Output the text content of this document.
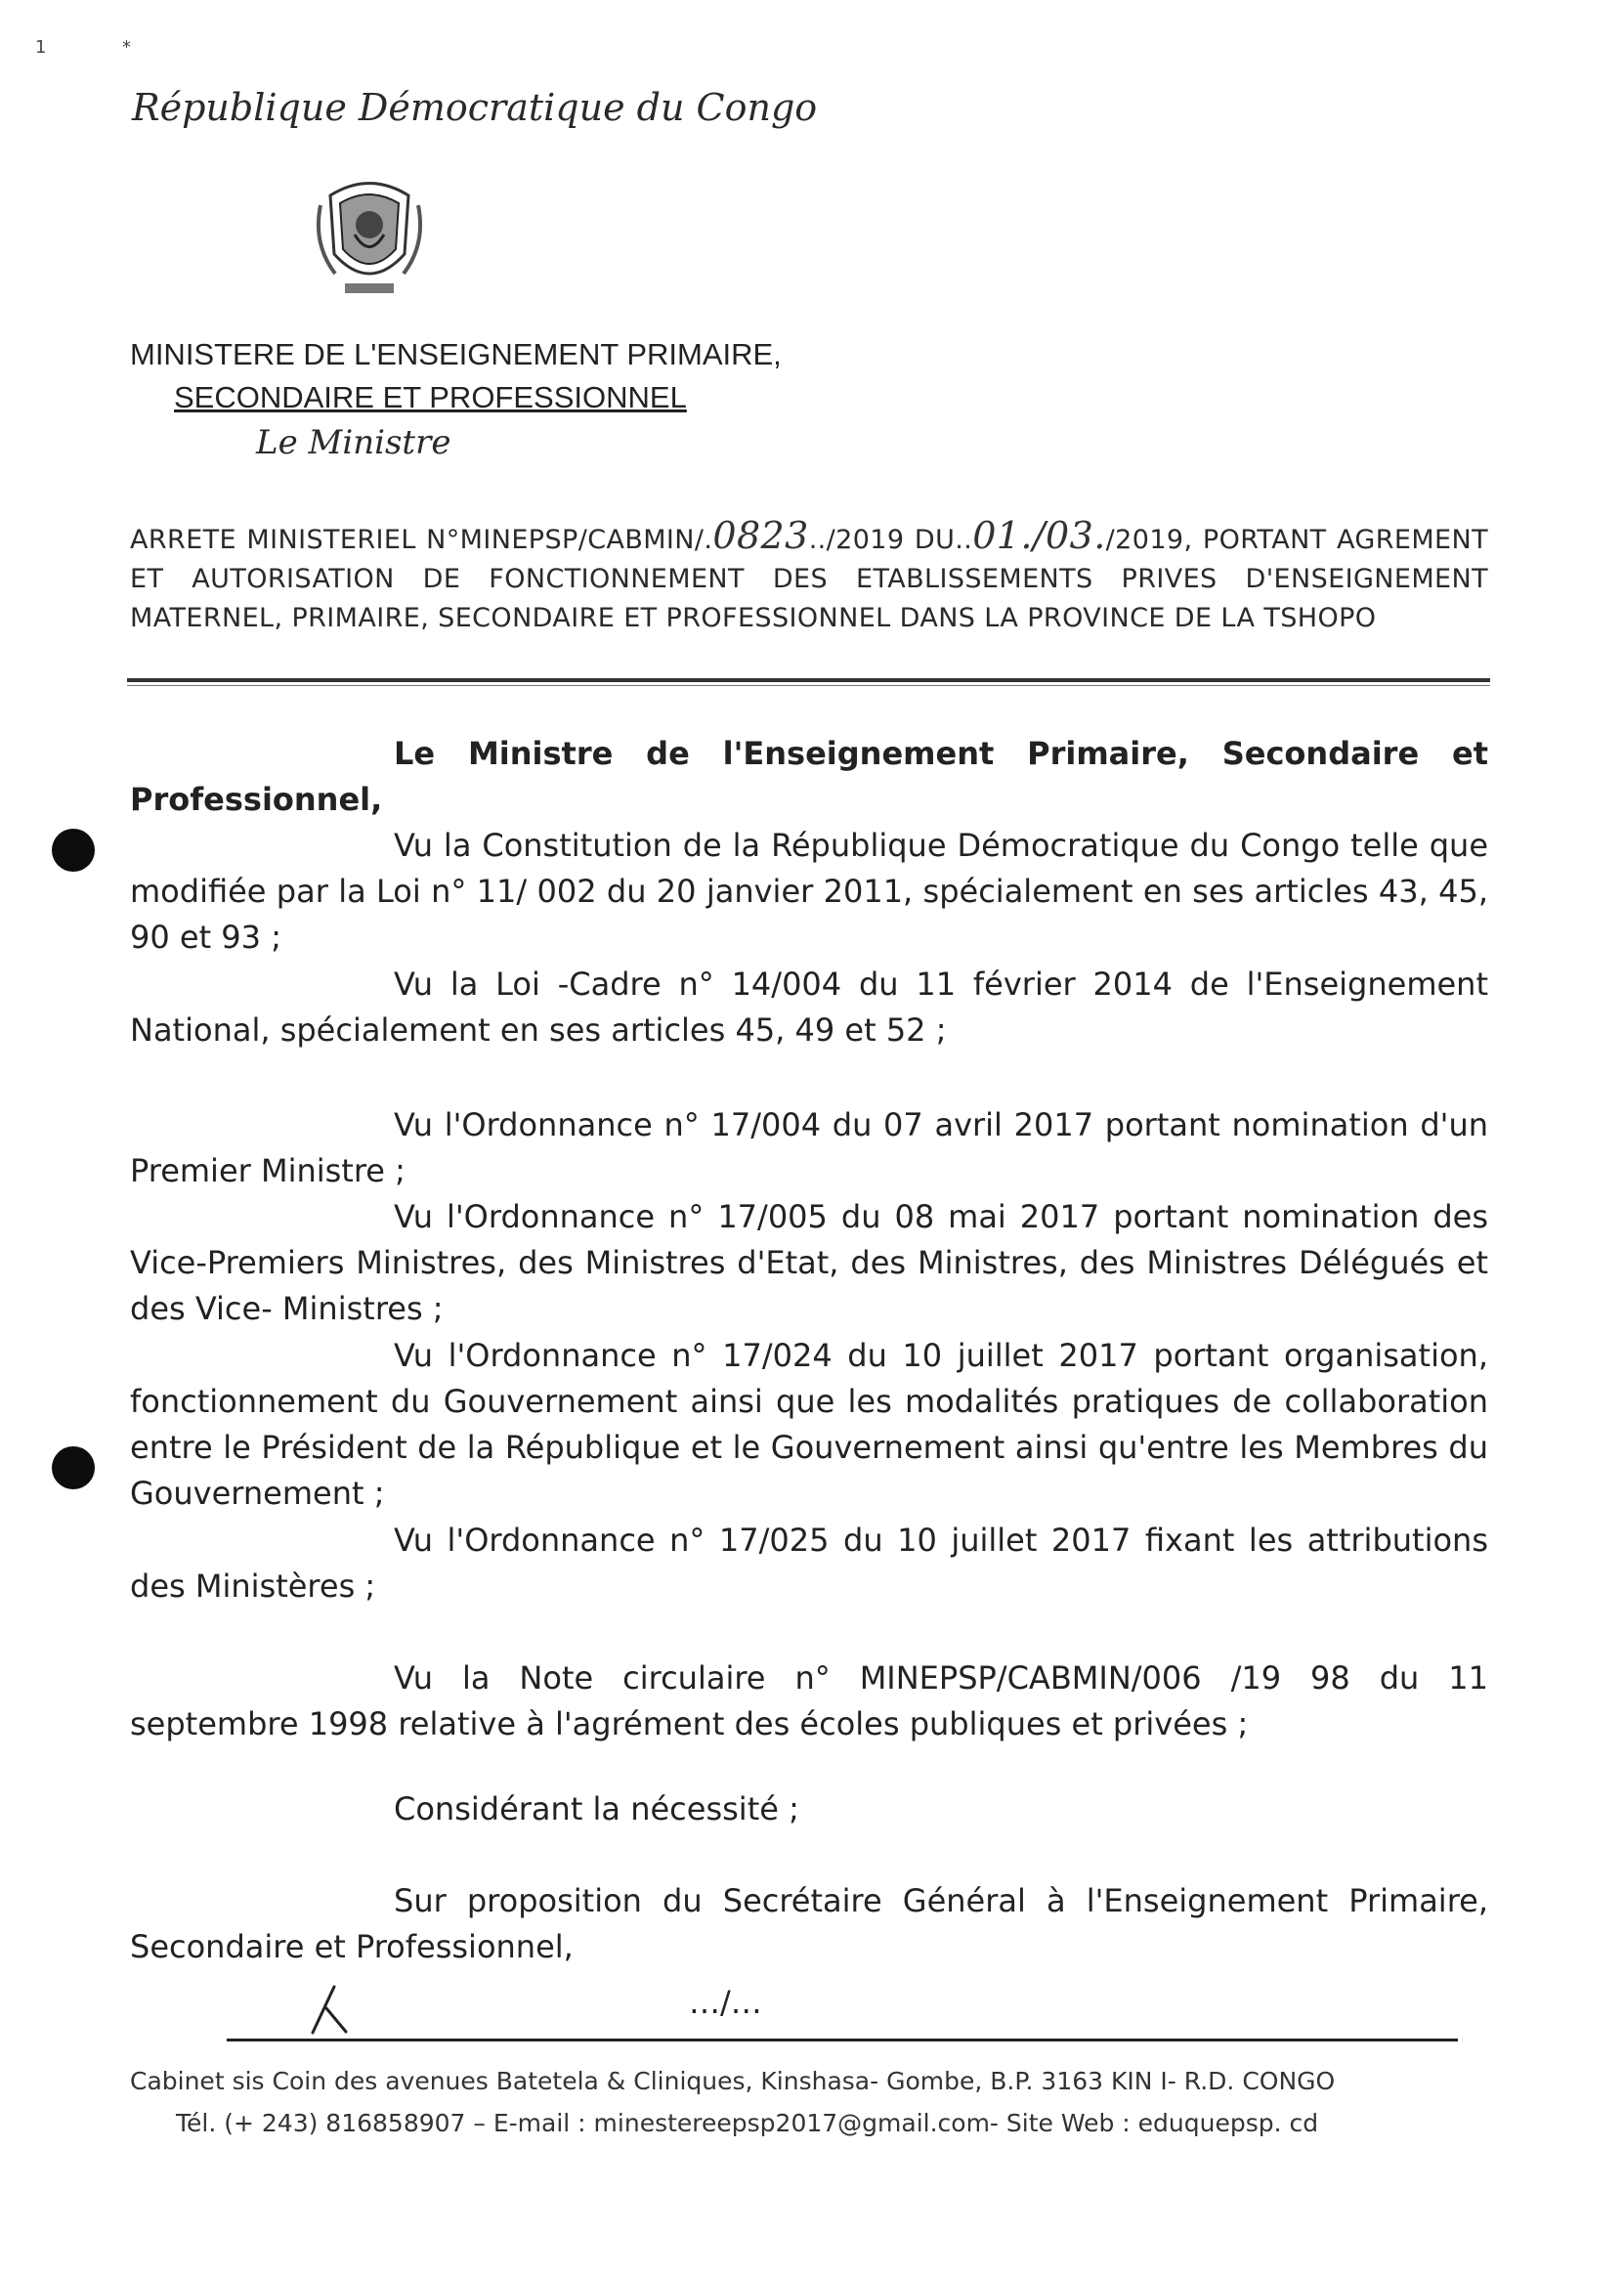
1	*
République Démocratique du Congo
MINISTERE DE L'ENSEIGNEMENT PRIMAIRE,
SECONDAIRE ET PROFESSIONNEL
Le Ministre
ARRETE MINISTERIEL N°MINEPSP/CABMIN/.0823../2019 DU..01./03./2019, PORTANT AGREMENT ET AUTORISATION DE FONCTIONNEMENT DES ETABLISSEMENTS PRIVES D'ENSEIGNEMENT MATERNEL, PRIMAIRE, SECONDAIRE ET PROFESSIONNEL DANS LA PROVINCE DE LA TSHOPO
Le Ministre de l'Enseignement Primaire, Secondaire et Professionnel,
Vu la Constitution de la République Démocratique du Congo telle que modifiée par la Loi n° 11/ 002 du 20 janvier 2011, spécialement en ses articles 43, 45, 90 et 93 ;
Vu la Loi -Cadre n° 14/004 du 11 février 2014 de l'Enseignement National, spécialement en ses articles 45, 49 et 52 ;
Vu l'Ordonnance n° 17/004 du 07 avril 2017 portant nomination d'un Premier Ministre ;
Vu l'Ordonnance n° 17/005 du 08 mai 2017 portant nomination des Vice-Premiers Ministres, des Ministres d'Etat, des Ministres, des Ministres Délégués et des Vice- Ministres ;
Vu l'Ordonnance n° 17/024 du 10 juillet 2017 portant organisation, fonctionnement du Gouvernement ainsi que les modalités pratiques de collaboration entre le Président de la République et le Gouvernement ainsi qu'entre les Membres du Gouvernement ;
Vu l'Ordonnance n° 17/025 du 10 juillet 2017 fixant les attributions des Ministères ;
Vu la Note circulaire n° MINEPSP/CABMIN/006 /19 98 du 11 septembre 1998 relative à l'agrément des écoles publiques et privées ;
Considérant la nécessité ;
Sur proposition du Secrétaire Général à l'Enseignement Primaire, Secondaire et Professionnel,
…/…
Cabinet sis Coin des avenues Batetela & Cliniques, Kinshasa- Gombe, B.P. 3163 KIN I- R.D. CONGO
Tél. (+ 243) 816858907 – E-mail : minestereepsp2017@gmail.com- Site Web : eduquepsp. cd
